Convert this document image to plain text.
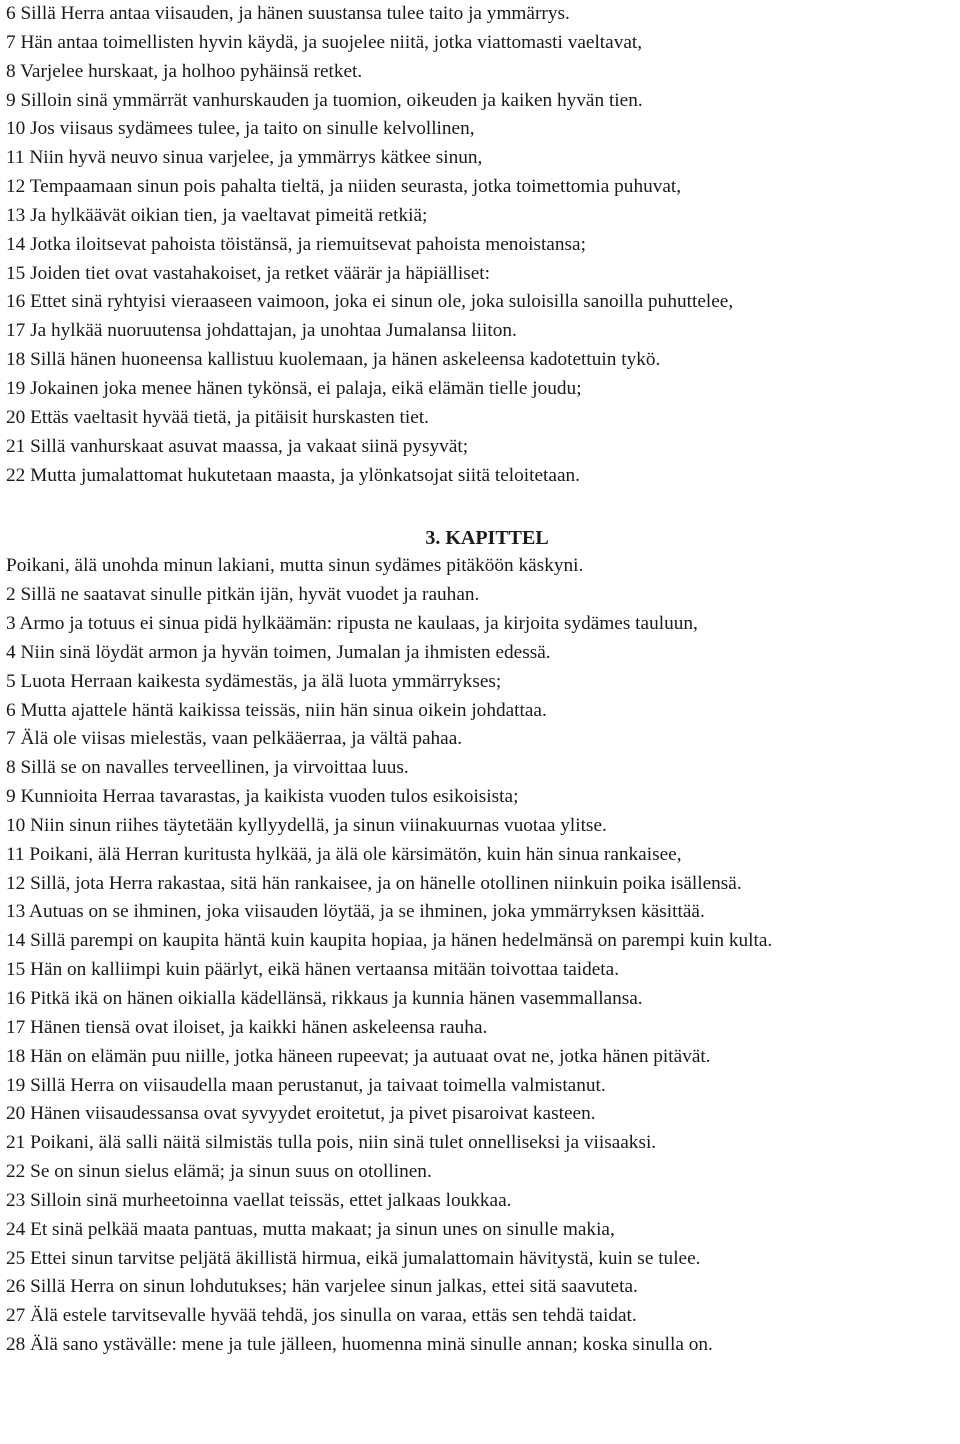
6 Sillä Herra antaa viisauden, ja hänen suustansa tulee taito ja ymmärrys.
7 Hän antaa toimellisten hyvin käydä, ja suojelee niitä, jotka viattomasti vaeltavat,
8 Varjelee hurskaat, ja holhoo pyhäinsä retket.
9 Silloin sinä ymmärrät vanhurskauden ja tuomion, oikeuden ja kaiken hyvän tien.
10 Jos viisaus sydämees tulee, ja taito on sinulle kelvollinen,
11 Niin hyvä neuvo sinua varjelee, ja ymmärrys kätkee sinun,
12 Tempaamaan sinun pois pahalta tieltä, ja niiden seurasta, jotka toimettomia puhuvat,
13 Ja hylkäävät oikian tien, ja vaeltavat pimeitä retkiä;
14 Jotka iloitsevat pahoista töistänsä, ja riemuitsevat pahoista menoistansa;
15 Joiden tiet ovat vastahakoiset, ja retket väärär ja häpiälliset:
16 Ettet sinä ryhtyisi vieraaseen vaimoon, joka ei sinun ole, joka suloisilla sanoilla puhuttelee,
17 Ja hylkää nuoruutensa johdattajan, ja unohtaa Jumalansa liiton.
18 Sillä hänen huoneensa kallistuu kuolemaan, ja hänen askeleensa kadotettuin tykö.
19 Jokainen joka menee hänen tykönsä, ei palaja, eikä elämän tielle joudu;
20 Ettäs vaeltasit hyvää tietä, ja pitäisit hurskasten tiet.
21 Sillä vanhurskaat asuvat maassa, ja vakaat siinä pysyvät;
22 Mutta jumalattomat hukutetaan maasta, ja ylönkatsojat siitä teloitetaan.
3. KAPITTEL
Poikani, älä unohda minun lakiani, mutta sinun sydämes pitäköön käskyni.
2 Sillä ne saatavat sinulle pitkän ijän, hyvät vuodet ja rauhan.
3 Armo ja totuus ei sinua pidä hylkäämän: ripusta ne kaulaas, ja kirjoita sydämes tauluun,
4 Niin sinä löydät armon ja hyvän toimen, Jumalan ja ihmisten edessä.
5 Luota Herraan kaikesta sydämestäs, ja älä luota ymmärrykses;
6 Mutta ajattele häntä kaikissa teissäs, niin hän sinua oikein johdattaa.
7 Älä ole viisas mielestäs, vaan pelkääerraa, ja vältä pahaa.
8 Sillä se on navalles terveellinen, ja virvoittaa luus.
9 Kunnioita Herraa tavarastas, ja kaikista vuoden tulos esikoisista;
10 Niin sinun riihes täytetään kyllyydellä, ja sinun viinakuurnas vuotaa ylitse.
11 Poikani, älä Herran kuritusta hylkää, ja älä ole kärsimätön, kuin hän sinua rankaisee,
12 Sillä, jota Herra rakastaa, sitä hän rankaisee, ja on hänelle otollinen niinkuin poika isällensä.
13 Autuas on se ihminen, joka viisauden löytää, ja se ihminen, joka ymmärryksen käsittää.
14 Sillä parempi on kaupita häntä kuin kaupita hopiaa, ja hänen hedelmänsä on parempi kuin kulta.
15 Hän on kalliimpi kuin päärlyt, eikä hänen vertaansa mitään toivottaa taideta.
16 Pitkä ikä on hänen oikialla kädellänsä, rikkaus ja kunnia hänen vasemmallansa.
17 Hänen tiensä ovat iloiset, ja kaikki hänen askeleensa rauha.
18 Hän on elämän puu niille, jotka häneen rupeevat; ja autuaat ovat ne, jotka hänen pitävät.
19 Sillä Herra on viisaudella maan perustanut, ja taivaat toimella valmistanut.
20 Hänen viisaudessansa ovat syvyydet eroitetut, ja pivet pisaroivat kasteen.
21 Poikani, älä salli näitä silmistäs tulla pois, niin sinä tulet onnelliseksi ja viisaaksi.
22 Se on sinun sielus elämä; ja sinun suus on otollinen.
23 Silloin sinä murheetoinna vaellat teissäs, ettet jalkaas loukkaa.
24 Et sinä pelkää maata pantuas, mutta makaat; ja sinun unes on sinulle makia,
25 Ettei sinun tarvitse peljätä äkillistä hirmua, eikä jumalattomain hävitystä, kuin se tulee.
26 Sillä Herra on sinun lohdutukses; hän varjelee sinun jalkas, ettei sitä saavuteta.
27 Älä estele tarvitsevalle hyvää tehdä, jos sinulla on varaa, ettäs sen tehdä taidat.
28 Älä sano ystävälle: mene ja tule jälleen, huomenna minä sinulle annan; koska sinulla on.
